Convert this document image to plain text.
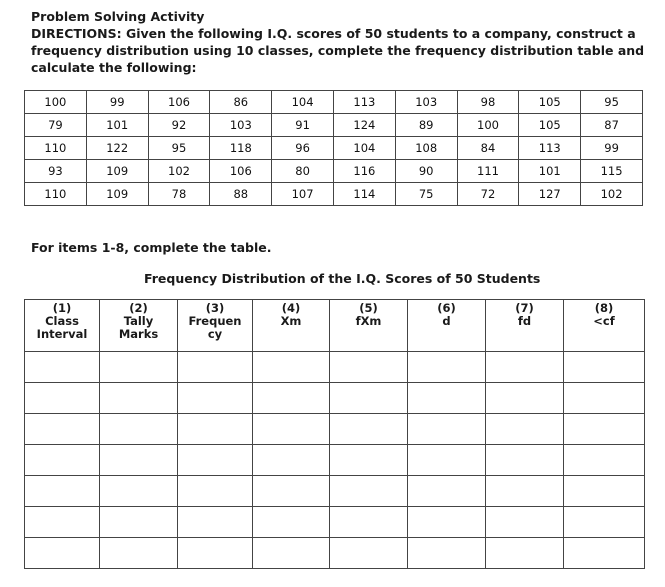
Problem Solving Activity
DIRECTIONS: Given the following I.Q. scores of 50 students to a company, construct a
frequency distribution using 10 classes, complete the frequency distribution table and
calculate the following:
100	99	106	86	104	113	103	98	105	95
79	101	92	103	91	124	89	100	105	87
110	122	95	118	96	104	108	84	113	99
93	109	102	106	80	116	90	111	101	115
110	109	78	88	107	114	75	72	127	102
For items 1-8, complete the table.
Frequency Distribution of the I.Q. Scores of 50 Students
(1)
Class
Interval	(2)
Tally
Marks	(3)
Frequen
cy	(4)
Xm	(5)
fXm	(6)
d	(7)
fd	(8)
<cf
